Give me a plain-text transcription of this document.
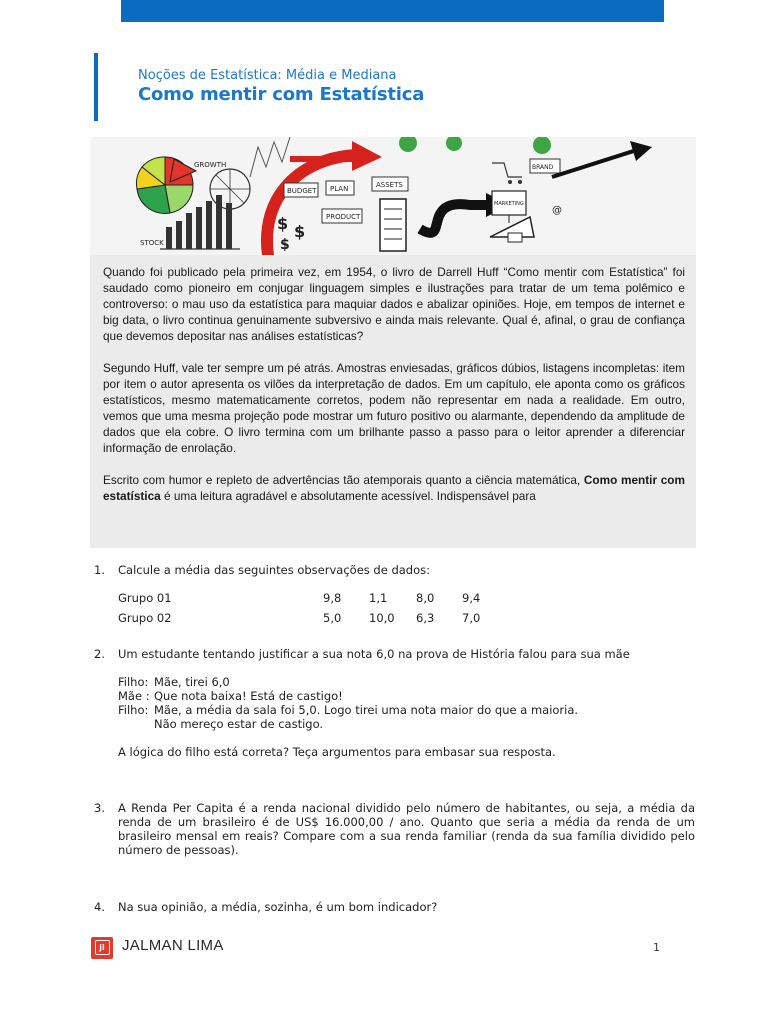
Noções de Estatística: Média e Mediana
Como mentir com Estatística
GROWTH
STOCK
$ $
$
BUDGET PLAN	ASSETS
PRODUCT
MARKETING
BRAND
@

Quando foi publicado pela primeira vez, em 1954, o livro de Darrell Huff “Como mentir com Estatística” foi saudado como pioneiro em conjugar linguagem simples e ilustrações para tratar de um tema polêmico e controverso: o mau uso da estatística para maquiar dados e abalizar opiniões. Hoje, em tempos de internet e big data, o livro continua genuinamente subversivo e ainda mais relevante. Qual é, afinal, o grau de confiança que devemos depositar nas análises estatísticas?

Segundo Huff, vale ter sempre um pé atrás. Amostras enviesadas, gráficos dúbios, listagens incompletas: item por item o autor apresenta os vilões da interpretação de dados. Em um capítulo, ele aponta como os gráficos estatísticos, mesmo matematicamente corretos, podem não representar em nada a realidade. Em outro, vemos que uma mesma projeção pode mostrar um futuro positivo ou alarmante, dependendo da amplitude de dados que ela cobre. O livro termina com um brilhante passo a passo para o leitor aprender a diferenciar informação de enrolação.

Escrito com humor e repleto de advertências tão atemporais quanto a ciência matemática, Como mentir com estatística é uma leitura agradável e absolutamente acessível. Indispensável para

1. Calcule a média das seguintes observações de dados:
Grupo 01	9,8 1,1 8,0 9,4
Grupo 02	5,0 10,0 6,3 7,0
2. Um estudante tentando justificar a sua nota 6,0 na prova de História falou para sua mãe
Filho: Mãe, tirei 6,0
Mãe : Que nota baixa! Está de castigo!
Filho: Mãe, a média da sala foi 5,0. Logo tirei uma nota maior do que a maioria.
Não mereço estar de castigo.
A lógica do filho está correta? Teça argumentos para embasar sua resposta.
3. A Renda Per Capita é a renda nacional dividido pelo número de habitantes, ou seja, a média da renda de um brasileiro é de US$ 16.000,00 / ano. Quanto que seria a média da renda de um brasileiro mensal em reais? Compare com a sua renda familiar (renda da sua família dividido pelo número de pessoas).
4. Na sua opinião, a média, sozinha, é um bom indicador?
jl	JALMAN LIMA	1
